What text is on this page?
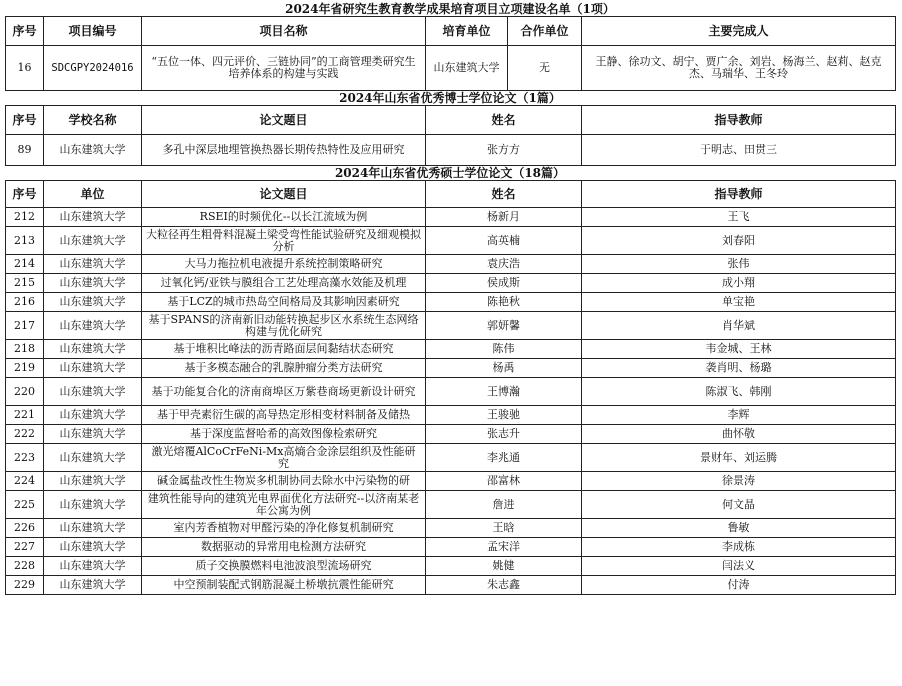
2024年省研究生教育教学成果培育项目立项建设名单（1项）
序号	项目编号	项目名称	培育单位	合作单位	主要完成人
16	SDCGPY2024016	“五位一体、四元评价、三链协同”的工商管理类研究生培养体系的构建与实践	山东建筑大学	无	王静、徐功文、胡宁、贾广余、刘岩、杨海兰、赵莉、赵克杰、马瑞华、王冬玲
2024年山东省优秀博士学位论文（1篇）
序号	学校名称	论文题目	姓名	指导教师
89	山东建筑大学	多孔中深层地埋管换热器长期传热特性及应用研究	张方方	于明志、田贯三
2024年山东省优秀硕士学位论文（18篇）
序号	单位	论文题目	姓名	指导教师
212	山东建筑大学	RSEI的时频优化--以长江流域为例	杨新月	王飞
213	山东建筑大学	大粒径再生粗骨料混凝土梁受弯性能试验研究及细观模拟分析	高英楠	刘春阳
214	山东建筑大学	大马力拖拉机电液提升系统控制策略研究	袁庆浩	张伟
215	山东建筑大学	过氧化钙/亚铁与膜组合工艺处理高藻水效能及机理	侯成斯	成小翔
216	山东建筑大学	基于LCZ的城市热岛空间格局及其影响因素研究	陈艳秋	单宝艳
217	山东建筑大学	基于SPANS的济南新旧动能转换起步区水系统生态网络构建与优化研究	郭妍馨	肖华斌
218	山东建筑大学	基于堆积比峰法的沥青路面层间黏结状态研究	陈伟	韦金城、王林
219	山东建筑大学	基于多模态融合的乳腺肿瘤分类方法研究	杨禹	袭肖明、杨璐
220	山东建筑大学	基于功能复合化的济南商埠区万紫巷商场更新设计研究	王博瀚	陈淑飞、韩刚
221	山东建筑大学	基于甲壳素衍生碳的高导热定形相变材料制备及储热	王骏驰	李辉
222	山东建筑大学	基于深度监督哈希的高效图像检索研究	张志升	曲怀敬
223	山东建筑大学	激光熔覆AlCoCrFeNi-Mx高熵合金涂层组织及性能研究	李兆通	景财年、刘运腾
224	山东建筑大学	碱金属盐改性生物炭多机制协同去除水中污染物的研	邵富林	徐景涛
225	山东建筑大学	建筑性能导向的建筑光电界面优化方法研究--以济南某老年公寓为例	詹进	何文晶
226	山东建筑大学	室内芳香植物对甲醛污染的净化修复机制研究	王晗	鲁敏
227	山东建筑大学	数据驱动的异常用电检测方法研究	孟宋洋	李成栋
228	山东建筑大学	质子交换膜燃料电池波浪型流场研究	姚健	闫法义
229	山东建筑大学	中空预制装配式钢筋混凝土桥墩抗震性能研究	朱志鑫	付涛
